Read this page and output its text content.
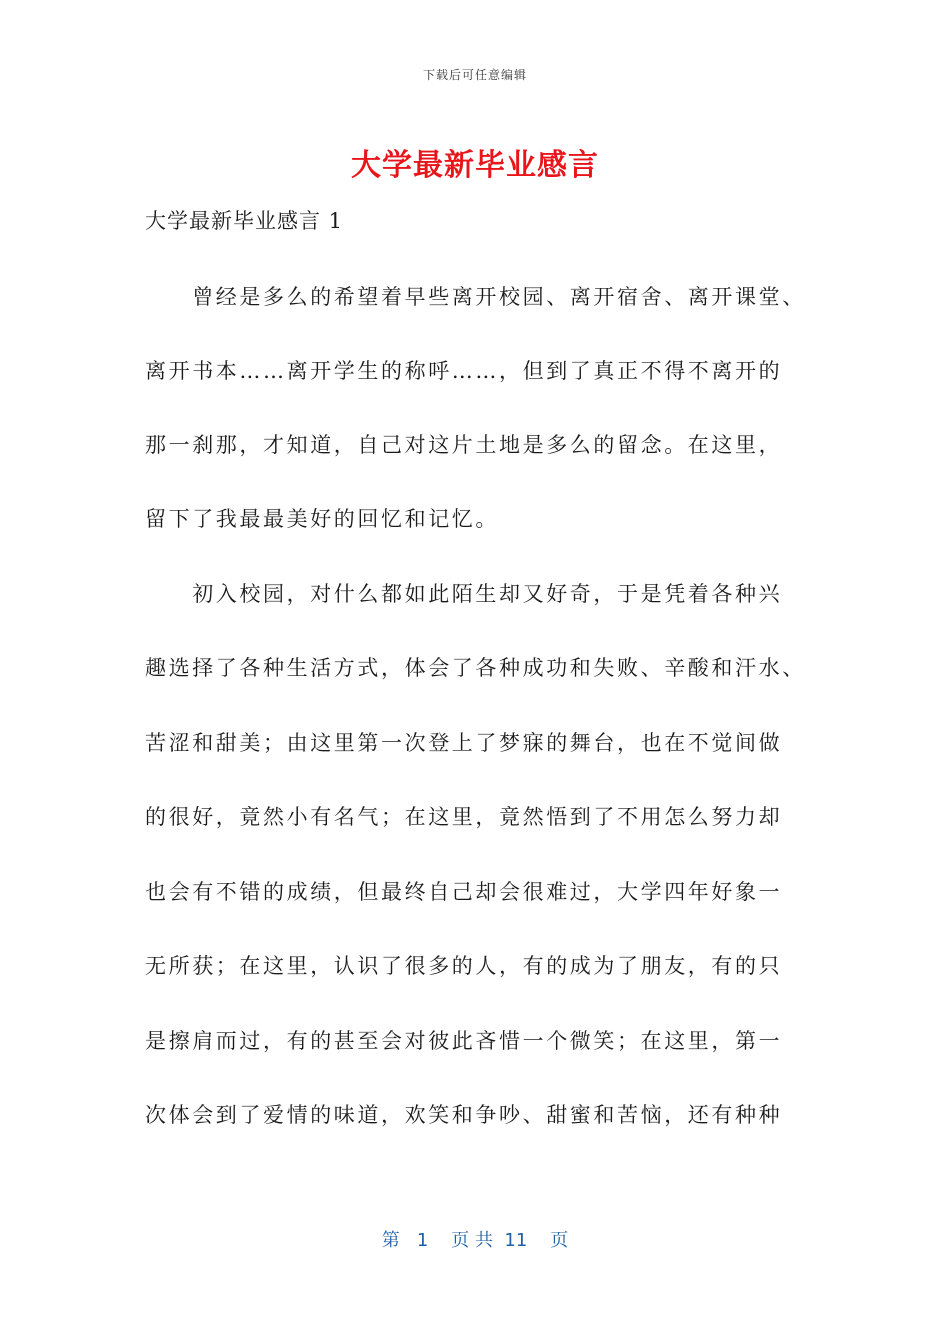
下载后可任意编辑
大学最新毕业感言
大学最新毕业感言 1
　　曾经是多么的希望着早些离开校园、离开宿舍、离开课堂、
离开书本……离开学生的称呼……，但到了真正不得不离开的
那一刹那，才知道，自己对这片土地是多么的留念。在这里，
留下了我最最美好的回忆和记忆。
　　初入校园，对什么都如此陌生却又好奇，于是凭着各种兴
趣选择了各种生活方式，体会了各种成功和失败、辛酸和汗水、
苦涩和甜美；由这里第一次登上了梦寐的舞台，也在不觉间做
的很好，竟然小有名气；在这里，竟然悟到了不用怎么努力却
也会有不错的成绩，但最终自己却会很难过，大学四年好象一
无所获；在这里，认识了很多的人，有的成为了朋友，有的只
是擦肩而过，有的甚至会对彼此吝惜一个微笑；在这里，第一
次体会到了爱情的味道，欢笑和争吵、甜蜜和苦恼，还有种种
第   1    页 共  11    页
